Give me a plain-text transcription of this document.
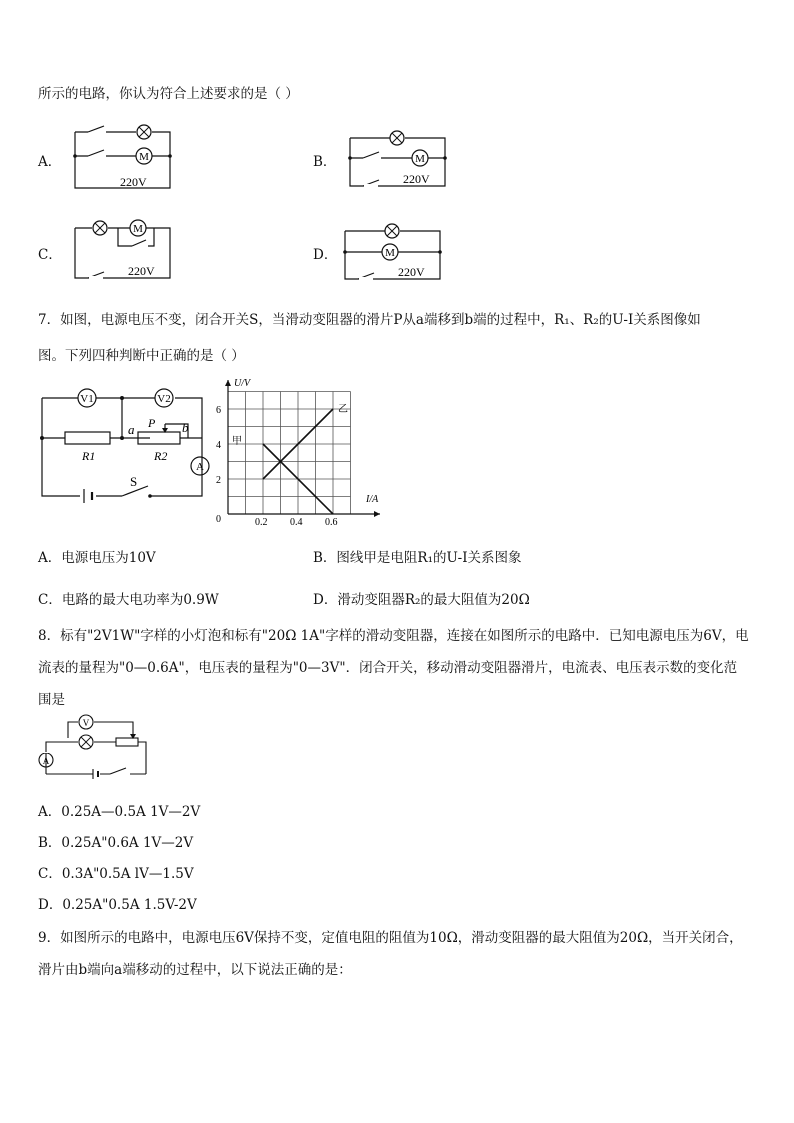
所示的电路，你认为符合上述要求的是（ ）
A．	M
220V
B．	M
220V
C．
M
220V
D．	M
220V
7．如图，电源电压不变，闭合开关S，当滑动变阻器的滑片P从a端移到b端的过程中，R₁、R₂的U-I关系图像如
图。下列四种判断中正确的是（ ）
V1	V2
A
R1	R2
a	b
P
S
U/V
I/A
0
2
4
6
0.2 0.4 0.6
甲
乙
A．电源电压为10V	B．图线甲是电阻R₁的U-I关系图象
C．电路的最大电功率为0.9W	D．滑动变阻器R₂的最大阻值为20Ω
8．标有"2V1W"字样的小灯泡和标有"20Ω 1A"字样的滑动变阻器，连接在如图所示的电路中．已知电源电压为6V，电
流表的量程为"0—0.6A"，电压表的量程为"0—3V"．闭合开关，移动滑动变阻器滑片，电流表、电压表示数的变化范
围是
V
A
A．0.25A—0.5A 1V—2V
B．0.25A"0.6A 1V—2V
C．0.3A"0.5A lV—1.5V
D．0.25A"0.5A 1.5V-2V
9．如图所示的电路中，电源电压6V保持不变，定值电阻的阻值为10Ω，滑动变阻器的最大阻值为20Ω，当开关闭合，
滑片由b端向a端移动的过程中，以下说法正确的是：
